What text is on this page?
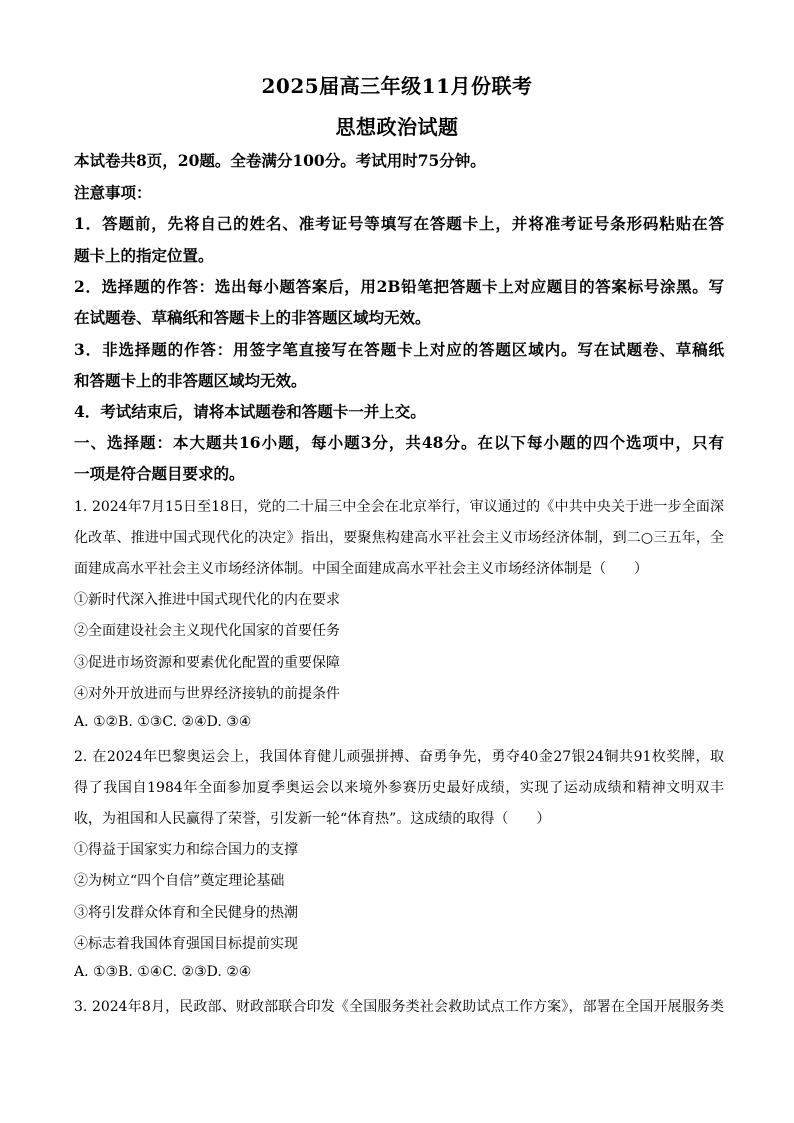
2025届高三年级11月份联考
思想政治试题
本试卷共8页，20题。全卷满分100分。考试用时75分钟。
注意事项：
1．答题前，先将自己的姓名、准考证号等填写在答题卡上，并将准考证号条形码粘贴在答
题卡上的指定位置。
2．选择题的作答：选出每小题答案后，用2B铅笔把答题卡上对应题目的答案标号涂黑。写
在试题卷、草稿纸和答题卡上的非答题区域均无效。
3．非选择题的作答：用签字笔直接写在答题卡上对应的答题区域内。写在试题卷、草稿纸
和答题卡上的非答题区域均无效。
4．考试结束后，请将本试题卷和答题卡一并上交。
一、选择题：本大题共16小题，每小题3分，共48分。在以下每小题的四个选项中，只有
一项是符合题目要求的。
1. 2024年7月15日至18日，党的二十届三中全会在北京举行，审议通过的《中共中央关于进一步全面深
化改革、推进中国式现代化的决定》指出，要聚焦构建高水平社会主义市场经济体制，到二○三五年，全
面建成高水平社会主义市场经济体制。中国全面建成高水平社会主义市场经济体制是（　　）
①新时代深入推进中国式现代化的内在要求
②全面建设社会主义现代化国家的首要任务
③促进市场资源和要素优化配置的重要保障
④对外开放进而与世界经济接轨的前提条件
A. ①②B. ①③C. ②④D. ③④
2. 在2024年巴黎奥运会上，我国体育健儿顽强拼搏、奋勇争先，勇夺40金27银24铜共91枚奖牌，取
得了我国自1984年全面参加夏季奥运会以来境外参赛历史最好成绩，实现了运动成绩和精神文明双丰
收，为祖国和人民赢得了荣誉，引发新一轮“体育热”。这成绩的取得（　　）
①得益于国家实力和综合国力的支撑
②为树立“四个自信”奠定理论基础
③将引发群众体育和全民健身的热潮
④标志着我国体育强国目标提前实现
A. ①③B. ①④C. ②③D. ②④
3. 2024年8月，民政部、财政部联合印发《全国服务类社会救助试点工作方案》，部署在全国开展服务类
